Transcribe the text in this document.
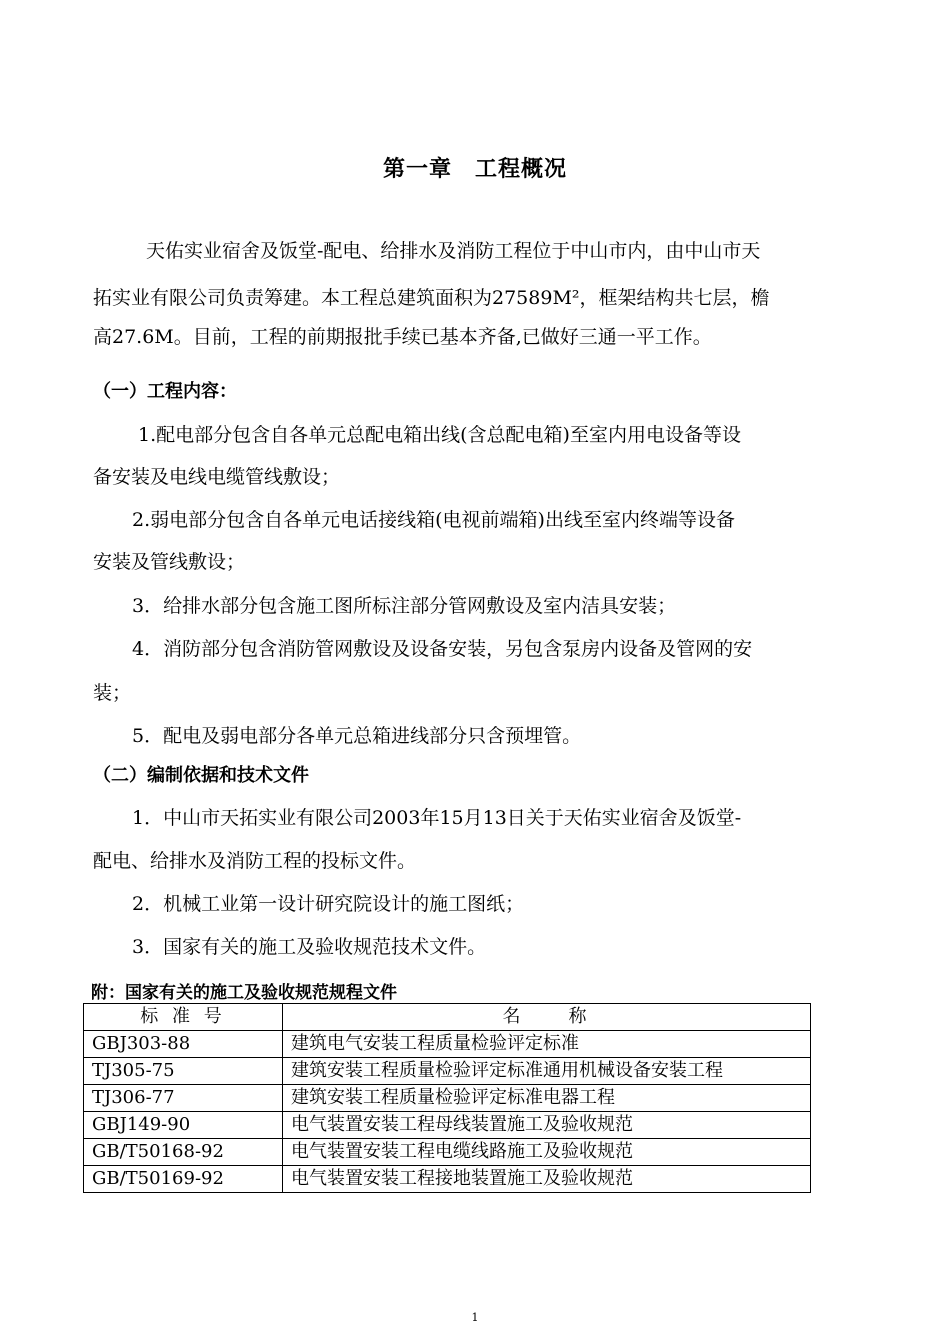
第一章　工程概况
天佑实业宿舍及饭堂-配电、给排水及消防工程位于中山市内，由中山市天
拓实业有限公司负责筹建。本工程总建筑面积为27589M²，框架结构共七层，檐
高27.6M。目前，工程的前期报批手续已基本齐备,已做好三通一平工作。
（一）工程内容：
1.配电部分包含自各单元总配电箱出线(含总配电箱)至室内用电设备等设
备安装及电线电缆管线敷设；
2.弱电部分包含自各单元电话接线箱(电视前端箱)出线至室内终端等设备
安装及管线敷设；
3．给排水部分包含施工图所标注部分管网敷设及室内洁具安装；
4．消防部分包含消防管网敷设及设备安装，另包含泵房内设备及管网的安
装；
5．配电及弱电部分各单元总箱进线部分只含预埋管。
（二）编制依据和技术文件
1．中山市天拓实业有限公司2003年15月13日关于天佑实业宿舍及饭堂-
配电、给排水及消防工程的投标文件。
2．机械工业第一设计研究院设计的施工图纸；
3．国家有关的施工及验收规范技术文件。
附：国家有关的施工及验收规范规程文件
标 准 号	名　　称
GBJ303-88	建筑电气安装工程质量检验评定标准
TJ305-75	建筑安装工程质量检验评定标准通用机械设备安装工程
TJ306-77	建筑安装工程质量检验评定标准电器工程
GBJ149-90	电气装置安装工程母线装置施工及验收规范
GB/T50168-92	电气装置安装工程电缆线路施工及验收规范
GB/T50169-92	电气装置安装工程接地装置施工及验收规范
1
